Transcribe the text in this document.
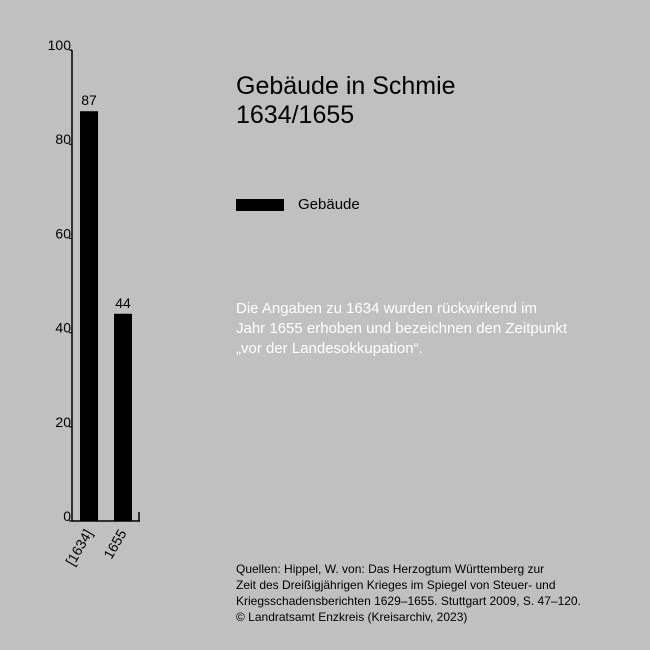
0
20
40
60
80
100
87
44
[1634] 1655
Gebäude in Schmie
1634/1655
Gebäude
Die Angaben zu 1634 wurden rückwirkend im
Jahr 1655 erhoben und bezeichnen den Zeitpunkt
„vor der Landesokkupation“.
Quellen: Hippel, W. von: Das Herzogtum Württemberg zur
Zeit des Dreißigjährigen Krieges im Spiegel von Steuer- und
Kriegsschadensberichten 1629–1655. Stuttgart 2009, S. 47–120.
© Landratsamt Enzkreis (Kreisarchiv, 2023)
